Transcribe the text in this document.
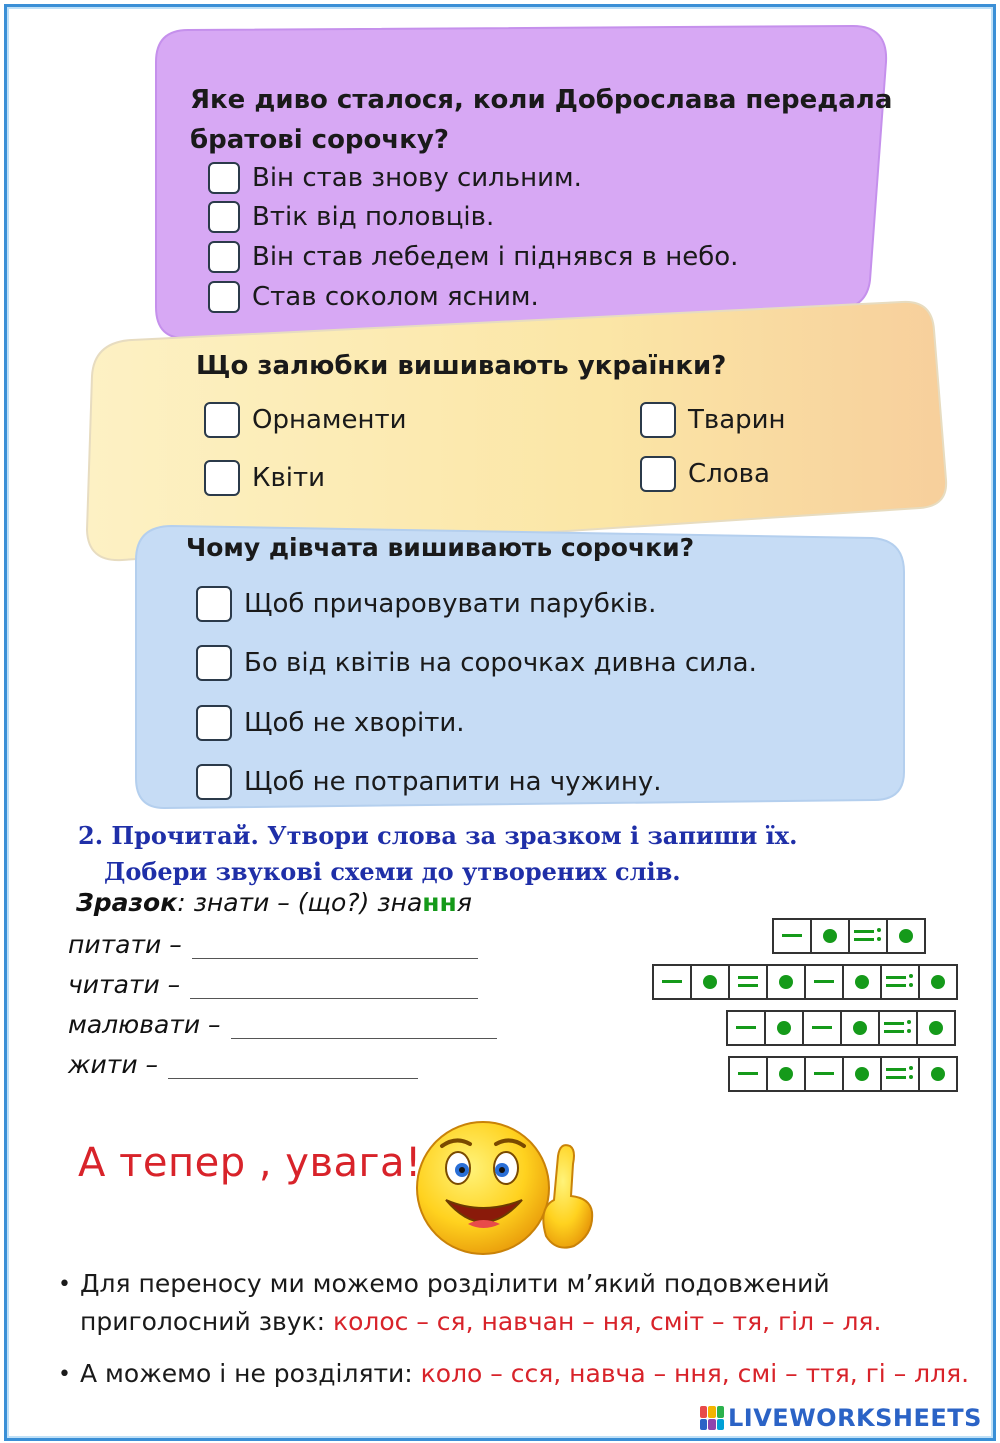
Яке диво сталося, коли Доброслава передала
братові сорочку?
Він став знову сильним.
Втік від половців.
Він став лебедем і піднявся в небо.
Став соколом ясним.
Що залюбки вишивають українки?
Орнаменти
Квіти
Тварин
Слова
Чому дівчата вишивають сорочки?
Щоб причаровувати парубків.
Бо від квітів на сорочках дивна сила.
Щоб не хворіти.
Щоб не потрапити на чужину.
2. Прочитай. Утвори слова за зразком і запиши їх.
Добери звукові схеми до утворених слів.
Зразок: знати – (що?) знання
питати –
читати –
малювати –
жити –
А тепер , увага!
• Для переносу ми можемо розділити м’який подовжений
приголосний звук: колос – ся, навчан – ня, сміт – тя, гіл – ля.
• А можемо і не розділяти: коло – сся, навча – ння, смі – ття, гі – лля.
LIVEWORKSHEETS
